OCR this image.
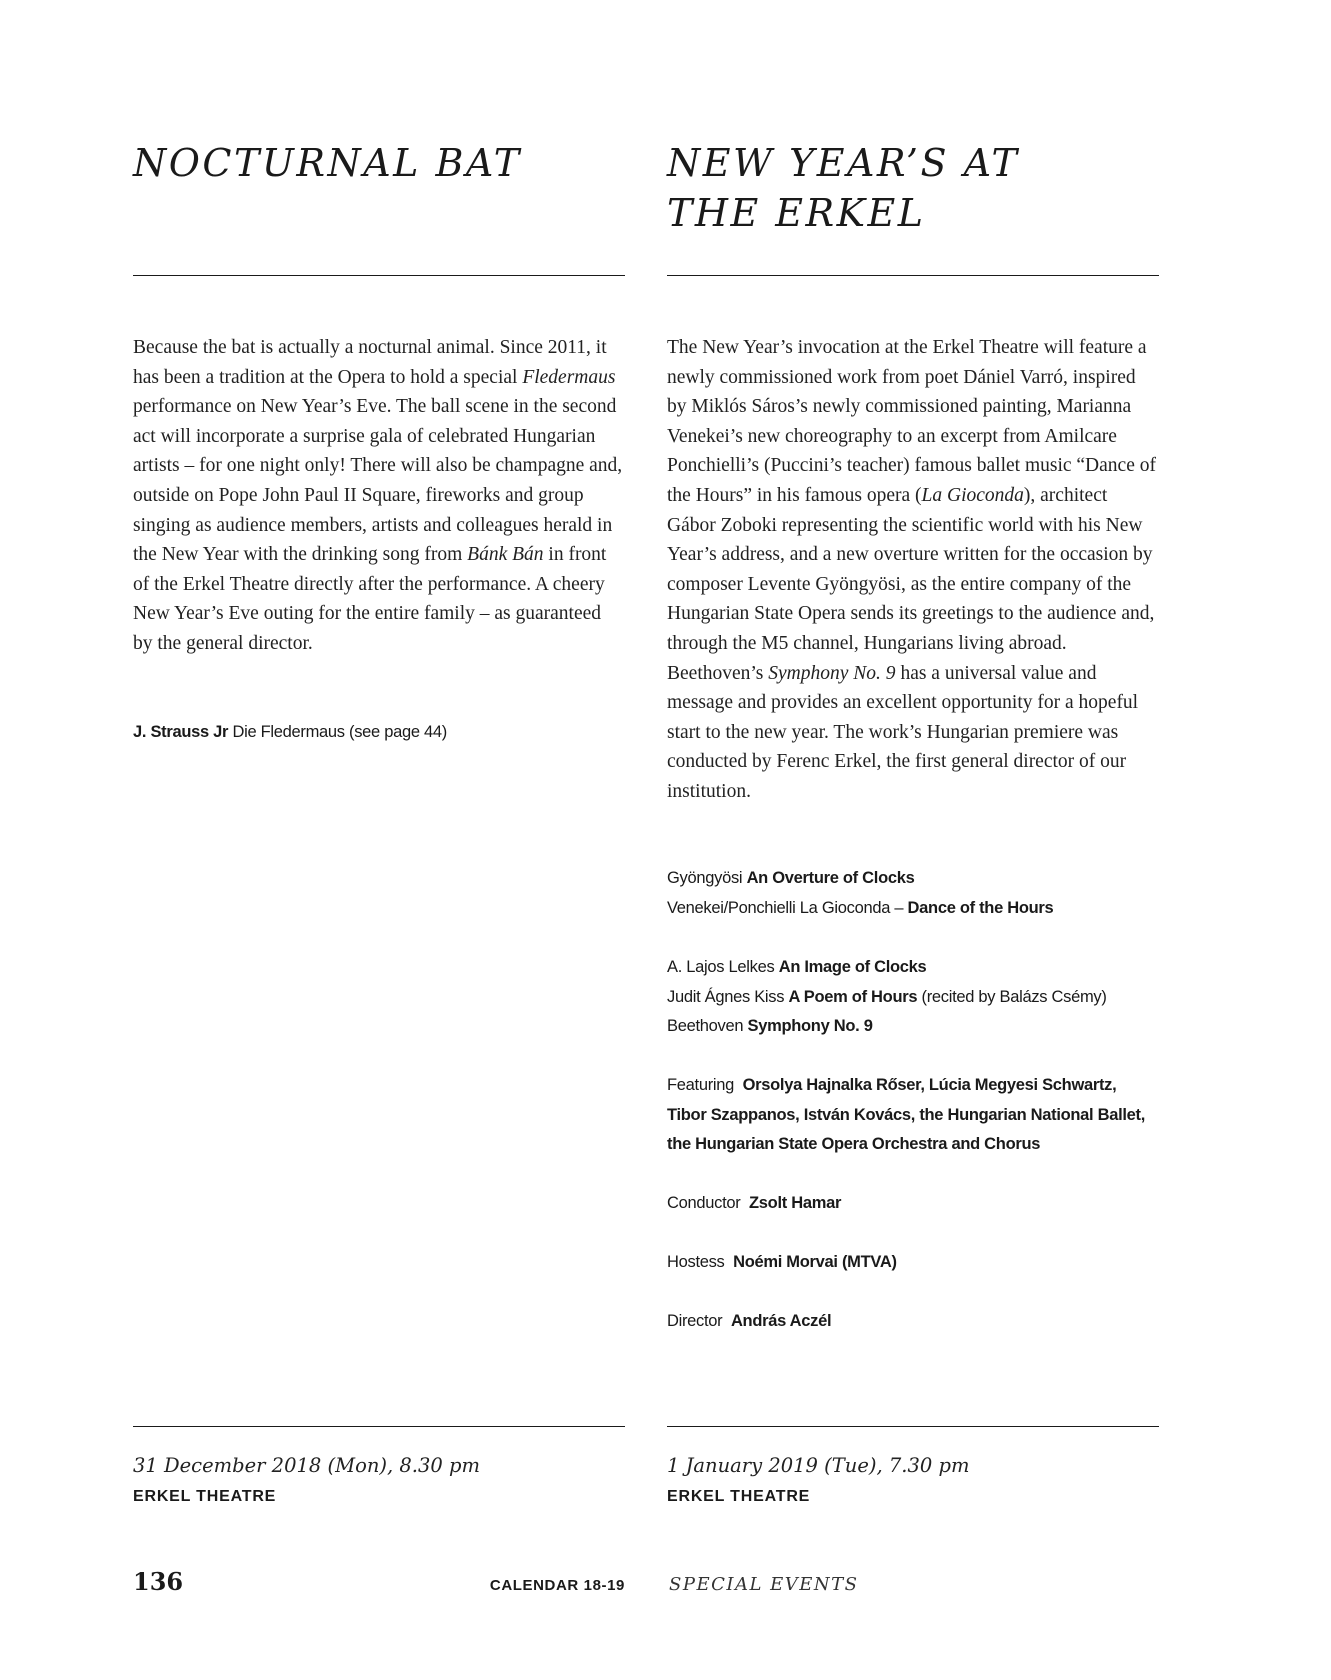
NOCTURNAL BAT

Because the bat is actually a nocturnal animal. Since 2011, it has been a tradition at the Opera to hold a special Fledermaus performance on New Year’s Eve. The ball scene in the second act will incorporate a surprise gala of celebrated Hungarian artists – for one night only! There will also be champagne and, outside on Pope John Paul II Square, fireworks and group singing as audience members, artists and colleagues herald in the New Year with the drinking song from Bánk Bán in front of the Erkel Theatre directly after the performance. A cheery New Year’s Eve outing for the entire family – as guaranteed by the general director.

J. Strauss Jr Die Fledermaus (see page 44)
31 December 2018 (Mon), 8.30 pm
ERKEL THEATRE
NEW YEAR’S AT
THE ERKEL

The New Year’s invocation at the Erkel Theatre will feature a newly commissioned work from poet Dániel Varró, inspired by Miklós Sáros’s newly commissioned painting, Marianna Venekei’s new choreography to an excerpt from Amilcare Ponchielli’s (Puccini’s teacher) famous ballet music “Dance of the Hours” in his famous opera (La Gioconda), architect Gábor Zoboki representing the scientific world with his New Year’s address, and a new overture written for the occasion by composer Levente Gyöngyösi, as the entire company of the Hungarian State Opera sends its greetings to the audience and, through the M5 channel, Hungarians living abroad. Beethoven’s Symphony No. 9 has a universal value and message and provides an excellent opportunity for a hopeful start to the new year. The work’s Hungarian premiere was conducted by Ferenc Erkel, the first general director of our institution.

Gyöngyösi An Overture of Clocks
Venekei/Ponchielli La Gioconda – Dance of the Hours
A. Lajos Lelkes An Image of Clocks
Judit Ágnes Kiss A Poem of Hours (recited by Balázs Csémy)
Beethoven Symphony No. 9
Featuring Orsolya Hajnalka Rőser, Lúcia Megyesi Schwartz,
Tibor Szappanos, István Kovács, the Hungarian National Ballet,
the Hungarian State Opera Orchestra and Chorus
Conductor Zsolt Hamar
Hostess Noémi Morvai (MTVA)
Director András Aczél
1 January 2019 (Tue), 7.30 pm
ERKEL THEATRE
136	CALENDAR 18-19 SPECIAL EVENTS
